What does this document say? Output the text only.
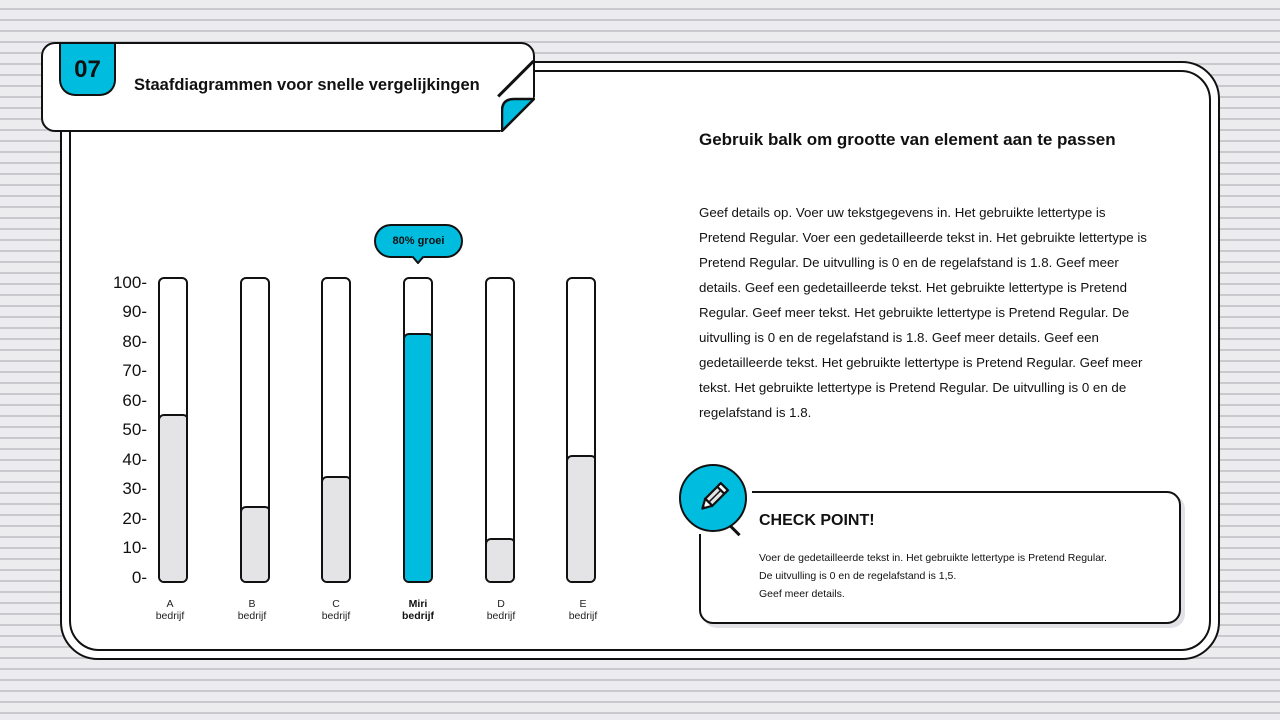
07
Staafdiagrammen voor snelle vergelijkingen
100-
90-
80-
70-
60-
50-
40-
30-
20-
10-
0-
A
bedrijf
B
bedrijf
C
bedrijf
Miri
bedrijf
D
bedrijf
E
bedrijf
80% groei
Gebruik balk om grootte van element aan te passen
Geef details op. Voer uw tekstgegevens in. Het gebruikte lettertype is Pretend Regular. Voer een gedetailleerde tekst in. Het gebruikte lettertype is Pretend Regular. De uitvulling is 0 en de regelafstand is 1.8. Geef meer details. Geef een gedetailleerde tekst. Het gebruikte lettertype is Pretend Regular. Geef meer tekst. Het gebruikte lettertype is Pretend Regular. De uitvulling is 0 en de regelafstand is 1.8. Geef meer details. Geef een gedetailleerde tekst. Het gebruikte lettertype is Pretend Regular. Geef meer tekst. Het gebruikte lettertype is Pretend Regular. De uitvulling is 0 en de regelafstand is 1.8.
CHECK POINT!
Voer de gedetailleerde tekst in. Het gebruikte lettertype is Pretend Regular.
De uitvulling is 0 en de regelafstand is 1,5.
Geef meer details.
